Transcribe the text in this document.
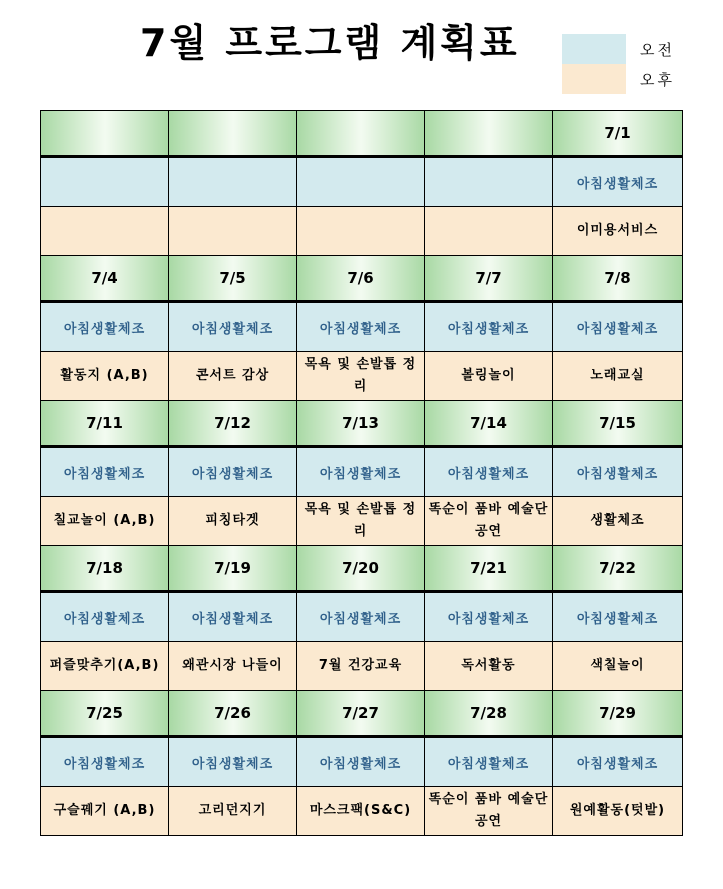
7월 프로그램 계획표	오전
오후
				7/1
				아침생활체조
				이미용서비스
7/4	7/5	7/6	7/7	7/8
아침생활체조	아침생활체조	아침생활체조	아침생활체조	아침생활체조
활동지 (A,B)	콘서트 감상	목욕 및 손발톱 정리	볼링놀이	노래교실
7/11	7/12	7/13	7/14	7/15
아침생활체조	아침생활체조	아침생활체조	아침생활체조	아침생활체조
칠교놀이 (A,B)	피칭타겟	목욕 및 손발톱 정리	똑순이 품바 예술단 공연	생활체조
7/18	7/19	7/20	7/21	7/22
아침생활체조	아침생활체조	아침생활체조	아침생활체조	아침생활체조
퍼즐맞추기(A,B)	왜관시장 나들이	7월 건강교육	독서활동	색칠놀이
7/25	7/26	7/27	7/28	7/29
아침생활체조	아침생활체조	아침생활체조	아침생활체조	아침생활체조
구슬꿰기 (A,B)	고리던지기	마스크팩(S&C)	똑순이 품바 예술단 공연	원예활동(텃밭)
